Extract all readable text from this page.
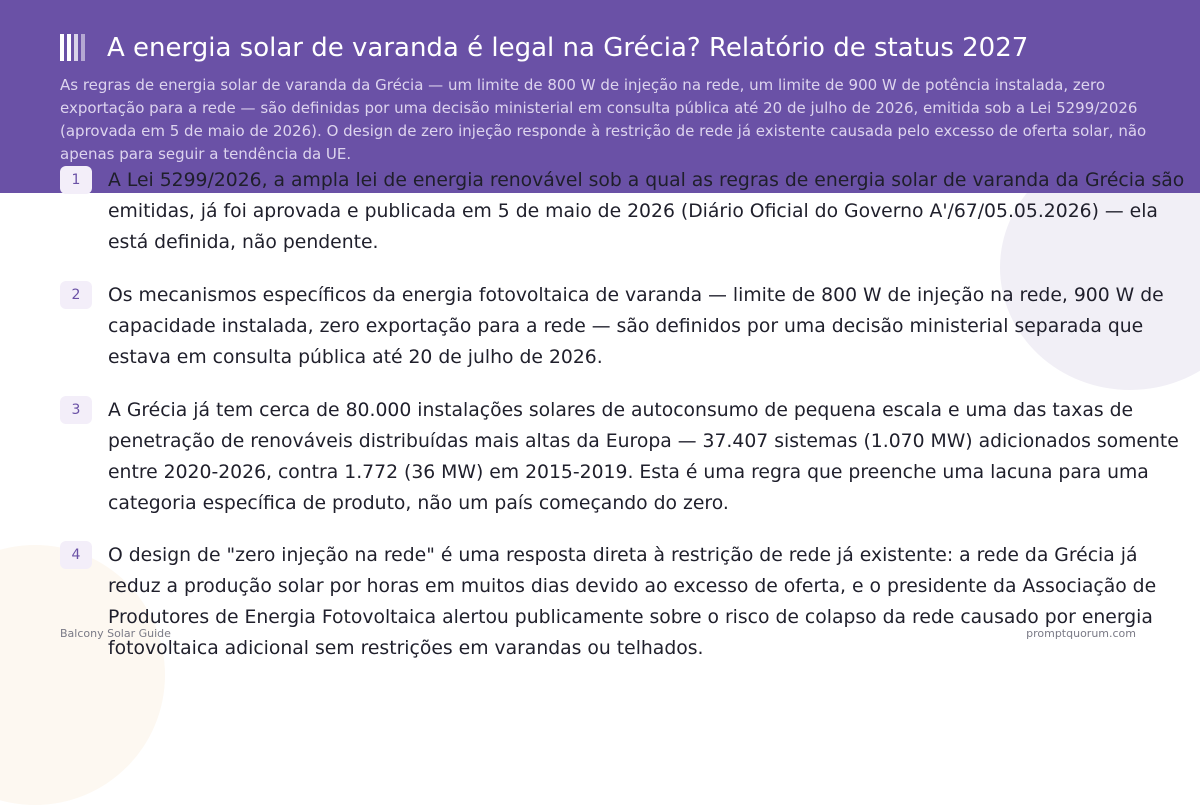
A energia solar de varanda é legal na Grécia? Relatório de status 2027

As regras de energia solar de varanda da Grécia — um limite de 800 W de injeção na rede, um limite de 900 W de potência instalada, zero exportação para a rede — são definidas por uma decisão ministerial em consulta pública até 20 de julho de 2026, emitida sob a Lei 5299/2026 (aprovada em 5 de maio de 2026). O design de zero injeção responde à restrição de rede já existente causada pelo excesso de oferta solar, não apenas para seguir a tendência da UE.

1	A Lei 5299/2026, a ampla lei de energia renovável sob a qual as regras de energia solar de varanda da Grécia são emitidas, já foi aprovada e publicada em 5 de maio de 2026 (Diário Oficial do Governo A'/67/05.05.2026) — ela está definida, não pendente.

2	Os mecanismos específicos da energia fotovoltaica de varanda — limite de 800 W de injeção na rede, 900 W de capacidade instalada, zero exportação para a rede — são definidos por uma decisão ministerial separada que estava em consulta pública até 20 de julho de 2026.

3	A Grécia já tem cerca de 80.000 instalações solares de autoconsumo de pequena escala e uma das taxas de penetração de renováveis distribuídas mais altas da Europa — 37.407 sistemas (1.070 MW) adicionados somente entre 2020-2026, contra 1.772 (36 MW) em 2015-2019. Esta é uma regra que preenche uma lacuna para uma categoria específica de produto, não um país começando do zero.

4	O design de "zero injeção na rede" é uma resposta direta à restrição de rede já existente: a rede da Grécia já reduz a produção solar por horas em muitos dias devido ao excesso de oferta, e o presidente da Associação de Produtores de Energia Fotovoltaica alertou publicamente sobre o risco de colapso da rede causado por energia fotovoltaica adicional sem restrições em varandas ou telhados.

Balcony Solar Guide	promptquorum.com
